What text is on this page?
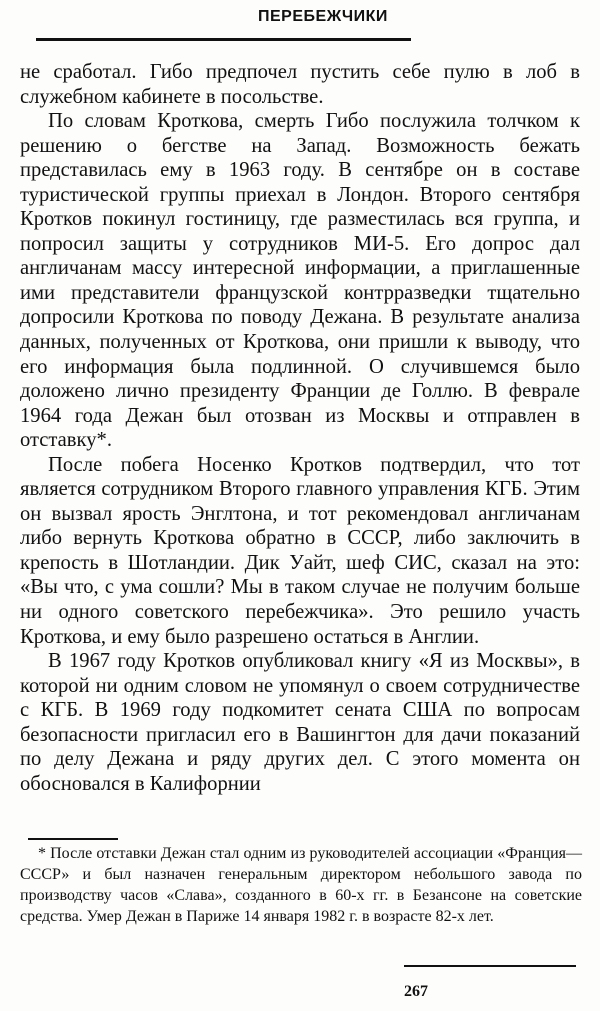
ПЕРЕБЕЖЧИКИ

не сработал. Гибо предпочел пустить себе пулю в лоб в служебном кабинете в посольстве.

По словам Кроткова, смерть Гибо послужила толчком к решению о бегстве на Запад. Возможность бежать представилась ему в 1963 году. В сентябре он в составе туристической группы приехал в Лондон. Второго сентября Кротков покинул гостиницу, где разместилась вся группа, и попросил защиты у сотрудников МИ-5. Его допрос дал англичанам массу интересной информации, а приглашенные ими представители французской контрразведки тщательно допросили Кроткова по поводу Дежана. В результате анализа данных, полученных от Кроткова, они пришли к выводу, что его информация была подлинной. О случившемся было доложено лично президенту Франции де Голлю. В феврале 1964 года Дежан был отозван из Москвы и отправлен в отставку*.

После побега Носенко Кротков подтвердил, что тот является сотрудником Второго главного управления КГБ. Этим он вызвал ярость Энглтона, и тот рекомендовал англичанам либо вернуть Кроткова обратно в СССР, либо заключить в крепость в Шотландии. Дик Уайт, шеф СИС, сказал на это: «Вы что, с ума сошли? Мы в таком случае не получим больше ни одного советского перебежчика». Это решило участь Кроткова, и ему было разрешено остаться в Англии.

В 1967 году Кротков опубликовал книгу «Я из Москвы», в которой ни одним словом не упомянул о своем сотрудничестве с КГБ. В 1969 году подкомитет сената США по вопросам безопасности пригласил его в Вашингтон для дачи показаний по делу Дежана и ряду других дел. С этого момента он обосновался в Калифорнии

* После отставки Дежан стал одним из руководителей ассоциации «Франция—СССР» и был назначен генеральным директором небольшого завода по производству часов «Слава», созданного в 60-х гг. в Безансоне на советские средства. Умер Дежан в Париже 14 января 1982 г. в возрасте 82-х лет.
267
